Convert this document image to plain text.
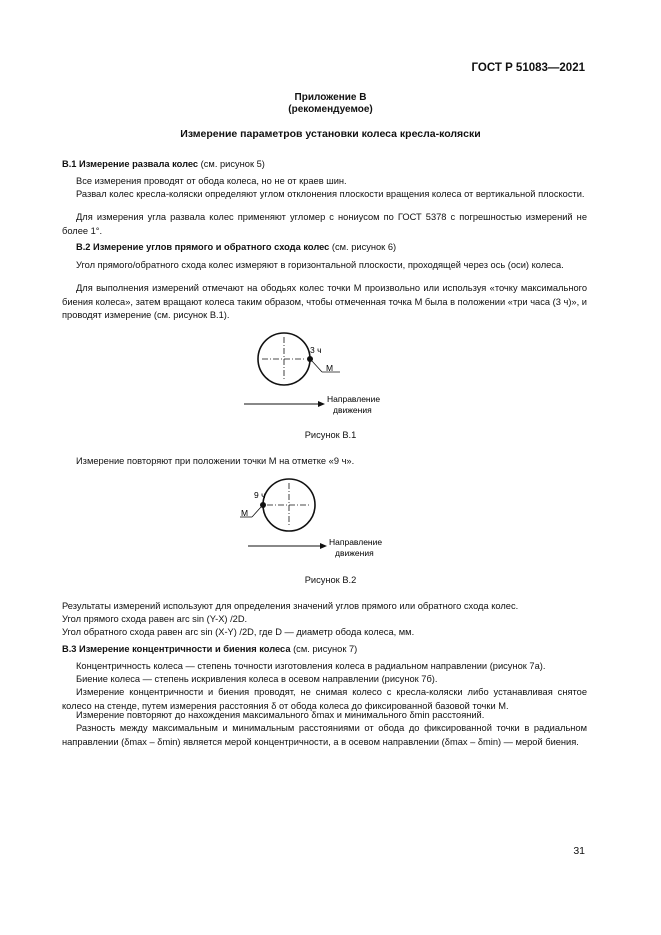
ГОСТ Р 51083—2021
Приложение В
(рекомендуемое)
Измерение параметров установки колеса кресла-коляски
В.1 Измерение развала колес (см. рисунок 5)
Все измерения проводят от обода колеса, но не от краев шин.
Развал колес кресла-коляски определяют углом отклонения плоскости вращения колеса от вертикальной плоскости.
Для измерения угла развала колес применяют угломер с нониусом по ГОСТ 5378 с погрешностью измерений не более 1°.
В.2 Измерение углов прямого и обратного схода колес (см. рисунок 6)
Угол прямого/обратного схода колес измеряют в горизонтальной плоскости, проходящей через ось (оси) колеса.
Для выполнения измерений отмечают на ободьях колес точки М произвольно или используя «точку максимального биения колеса», затем вращают колеса таким образом, чтобы отмеченная точка М была в положении «три часа (3 ч)», и проводят измерение (см. рисунок В.1).
3 ч
М
Направление
движения
Рисунок В.1
Измерение повторяют при положении точки М на отметке «9 ч».
9 ч
М
Направление
движения
Рисунок В.2
Результаты измерений используют для определения значений углов прямого или обратного схода колес.
Угол прямого схода равен arc sin (Y-X) /2D.
Угол обратного схода равен arc sin (X-Y) /2D, где D — диаметр обода колеса, мм.
В.3 Измерение концентричности и биения колеса (см. рисунок 7)
Концентричность колеса — степень точности изготовления колеса в радиальном направлении (рисунок 7а).
Биение колеса — степень искривления колеса в осевом направлении (рисунок 7б).
Измерение концентричности и биения проводят, не снимая колесо с кресла-коляски либо устанавливая снятое колесо на стенде, путем измерения расстояния δ от обода колеса до фиксированной базовой точки М.
Измерение повторяют до нахождения максимального δmax и минимального δmin расстояний.
Разность между максимальным и минимальным расстояниями от обода до фиксированной точки в радиальном направлении (δmax – δmin) является мерой концентричности, а в осевом направлении (δmax – δmin) — мерой биения.
31
